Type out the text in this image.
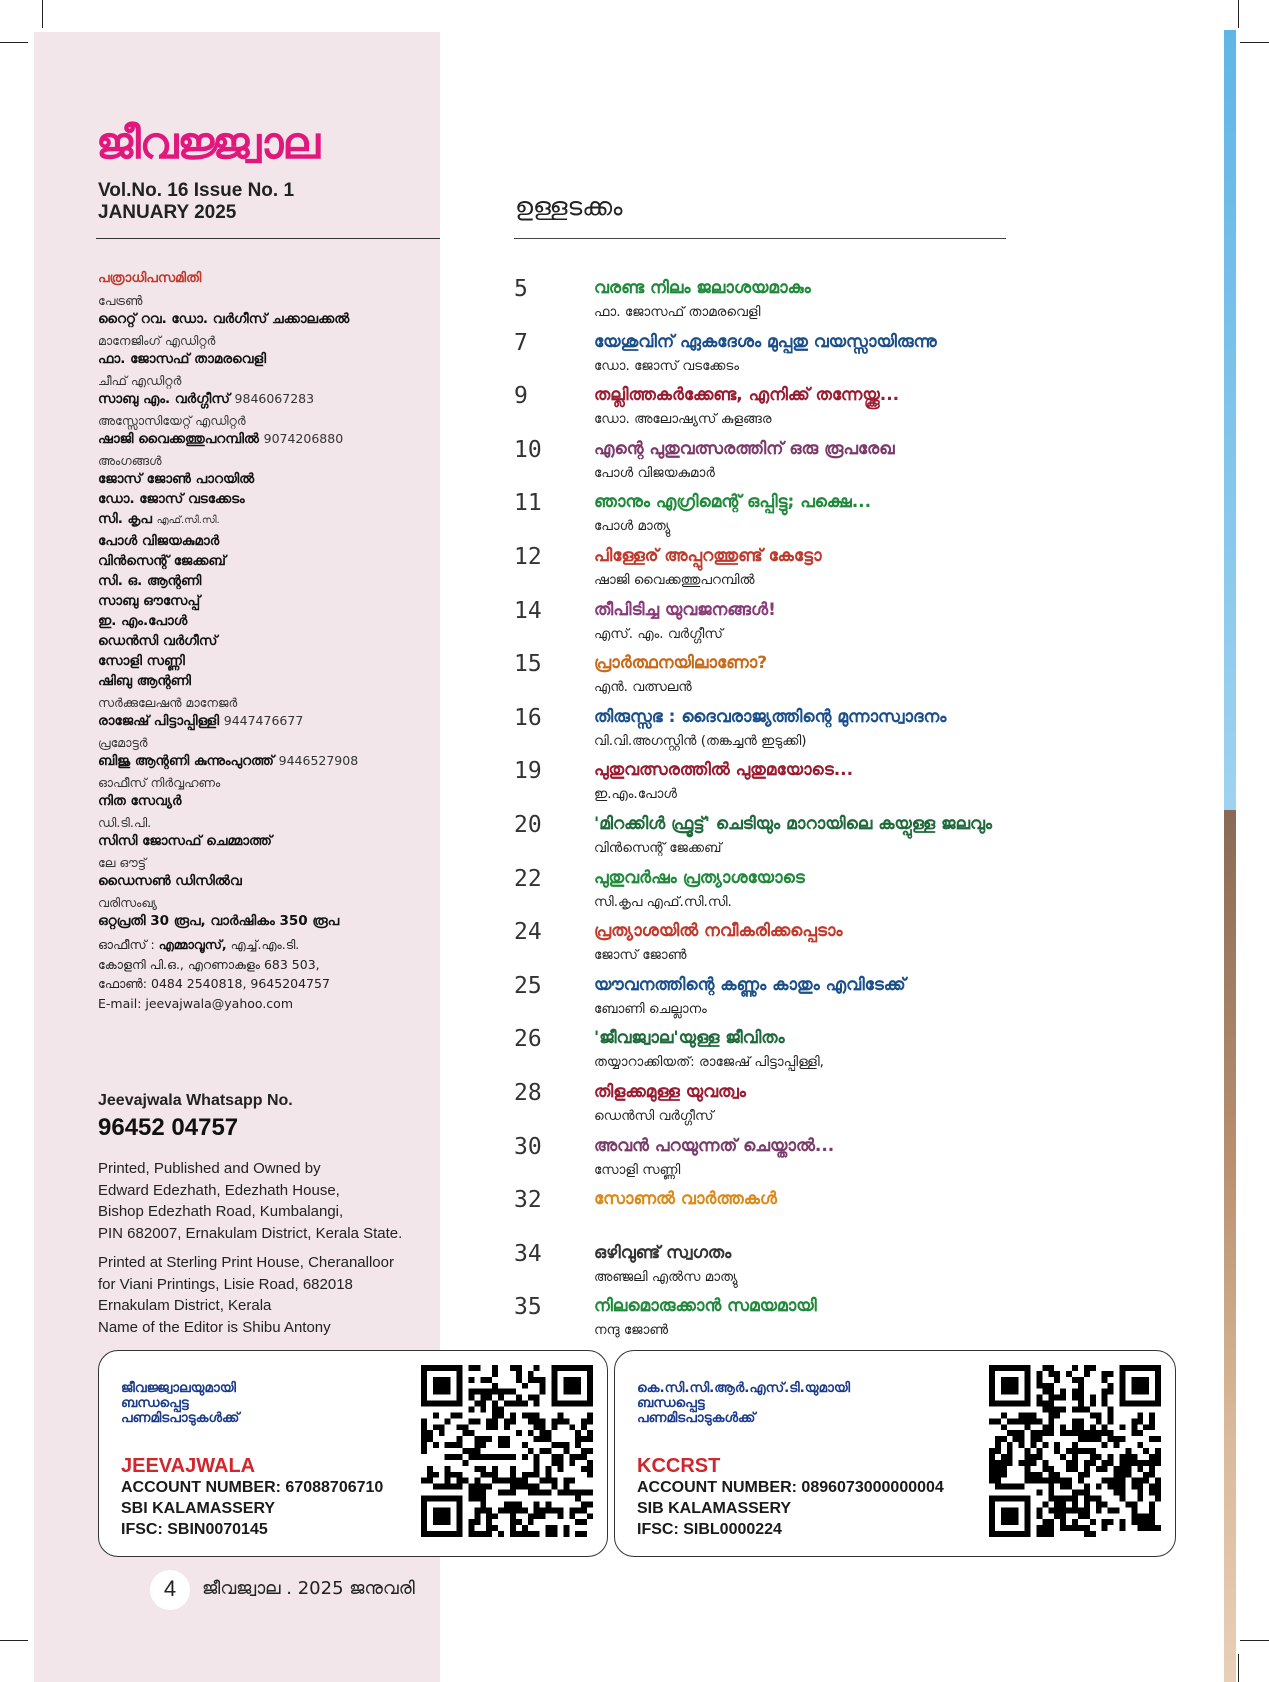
ജീവജ്ജ്വാല
Vol.No. 16 Issue No. 1
JANUARY 2025
പത്രാധിപസമിതി
പേട്രൺ
റൈറ്റ് റവ. ഡോ. വർഗീസ് ചക്കാലക്കൽ
മാനേജിംഗ് എഡിറ്റർ
ഫാ. ജോസഫ് താമരവെളി
ചീഫ് എഡിറ്റർ
സാബു എം. വർഗ്ഗീസ് 9846067283
അസ്സോസിയേറ്റ് എഡിറ്റർ
ഷാജി വൈക്കത്തുപറമ്പിൽ 9074206880
അംഗങ്ങൾ
ജോസ് ജോൺ പാറയിൽ
ഡോ. ജോസ് വടക്കേടം
സി. കൃപ എഫ്.സി.സി.
പോൾ വിജയകുമാർ
വിൻസെന്റ് ജേക്കബ്
സി. ഒ. ആന്റണി
സാബു ഔസേപ്പ്
ഇ. എം.പോൾ
ഡെൻസി വർഗീസ്
സോളി സണ്ണി
ഷിബു ആന്റണി
സർക്കുലേഷൻ മാനേജർ
രാജേഷ് പിട്ടാപ്പിള്ളി 9447476677
പ്രമോട്ടർ
ബിജു ആന്റണി കുന്നുംപുറത്ത് 9446527908
ഓഫീസ് നിർവ്വഹണം
നിത സേവ്യർ
ഡി.ടി.പി.
സിസി ജോസഫ് ചെമ്മാത്ത്
ലേ ഔട്ട്
ഡൈസൺ ഡിസിൽവ
വരിസംഖ്യ
ഒറ്റപ്രതി 30 രൂപ, വാർഷികം 350 രൂപ
ഓഫീസ് : എമ്മാവൂസ്, എച്ച്.എം.ടി.
കോളനി പി.ഒ., എറണാകുളം 683 503,
ഫോൺ: 0484 2540818, 9645204757
E-mail: jeevajwala@yahoo.com
Jeevajwala Whatsapp No.
96452 04757
Printed, Published and Owned by
Edward Edezhath, Edezhath House,
Bishop Edezhath Road, Kumbalangi,
PIN 682007, Ernakulam District, Kerala State.
Printed at Sterling Print House, Cheranalloor
for Viani Printings, Lisie Road, 682018
Ernakulam District, Kerala
Name of the Editor is Shibu Antony
ഉള്ളടക്കം
5	വരണ്ട നിലം ജലാശയമാകും
ഫാ. ജോസഫ് താമരവെളി
7	യേശുവിന് ഏകദേശം മുപ്പതു വയസ്സായിരുന്നു
ഡോ. ജോസ് വടക്കേടം
9	തല്ലിത്തകർക്കേണ്ട, എനിക്ക് തന്നേയ്ക്കൂ...
ഡോ. അലോഷ്യസ് കുളങ്ങര
10	എന്റെ പുതുവത്സരത്തിന് ഒരു രൂപരേഖ
പോൾ വിജയകുമാർ
11	ഞാനും എഗ്രിമെന്റ് ഒപ്പിട്ടു; പക്ഷെ...
പോൾ മാത്യു
12	പിള്ളേര് അപ്പുറത്തുണ്ട് കേട്ടോ
ഷാജി വൈക്കത്തുപറമ്പിൽ
14	തീപിടിച്ച യുവജനങ്ങൾ!
എസ്. എം. വർഗ്ഗീസ്
15	പ്രാർത്ഥനയിലാണോ?
എൻ. വത്സലൻ
16	തിരുസ്സഭ : ദൈവരാജ്യത്തിന്റെ മുന്നാസ്വാദനം
വി.വി.അഗസ്റ്റിൻ (തങ്കച്ചൻ ഇടുക്കി)
19	പുതുവത്സരത്തിൽ പുതുമയോടെ...
ഇ.എം.പോൾ
20	'മിറക്കിൾ ഫ്രൂട്ട്' ചെടിയും മാറായിലെ കയ്പുള്ള ജലവും
വിൻസെന്റ് ജേക്കബ്
22	പുതുവർഷം പ്രത്യാശയോടെ
സി.കൃപ എഫ്.സി.സി.
24	പ്രത്യാശയിൽ നവീകരിക്കപ്പെടാം
ജോസ് ജോൺ
25	യൗവനത്തിന്റെ കണ്ണും കാതും എവിടേക്ക്
ബോണി ചെല്ലാനം
26	'ജീവജ്വാല'യുള്ള ജീവിതം
തയ്യാറാക്കിയത്: രാജേഷ് പിട്ടാപ്പിള്ളി,
28	തിളക്കമുള്ള യുവത്വം
ഡെൻസി വർഗ്ഗീസ്
30	അവൻ പറയുന്നത് ചെയ്താൽ...
സോളി സണ്ണി
32	സോണൽ വാർത്തകൾ
34	ഒഴിവുണ്ട് സ്വഗതം
അഞ്ജലി എൽസ മാത്യു
35	നിലമൊരുക്കാൻ സമയമായി
നന്ദു ജോൺ
ജീവജ്ജ്വാലയുമായി
ബന്ധപ്പെട്ട
പണമിടപാടുകൾക്ക്
JEEVAJWALA
ACCOUNT NUMBER: 67088706710
SBI KALAMASSERY
IFSC: SBIN0070145
കെ.സി.സി.ആർ.എസ്.ടി.യുമായി
ബന്ധപ്പെട്ട
പണമിടപാടുകൾക്ക്
KCCRST
ACCOUNT NUMBER: 0896073000000004
SIB KALAMASSERY
IFSC: SIBL0000224
4	ജീവജ്വാല . 2025 ജനുവരി
